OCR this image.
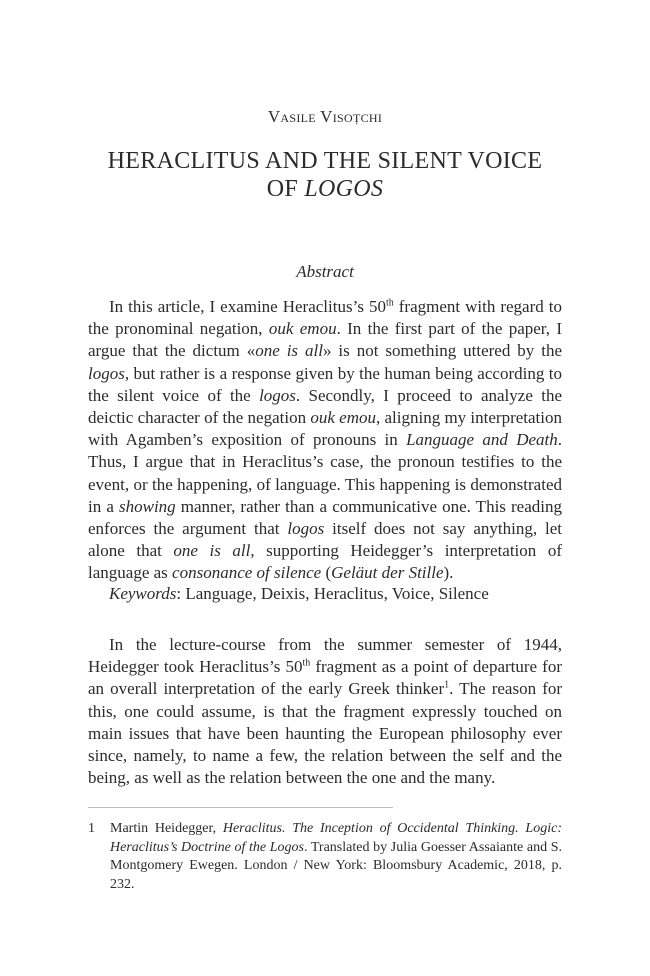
Vasile Visoțchi
HERACLITUS AND THE SILENT VOICE
OF LOGOS
Abstract

In this article, I examine Heraclitus’s 50th fragment with regard to the pronominal negation, ouk emou. In the first part of the paper, I argue that the dictum «one is all» is not something uttered by the logos, but rather is a response given by the human being according to the silent voice of the logos. Secondly, I proceed to analyze the deictic character of the negation ouk emou, aligning my interpretation with Agamben’s exposition of pronouns in Language and Death. Thus, I argue that in Heraclitus’s case, the pronoun testifies to the event, or the happening, of language. This happening is demonstrated in a showing manner, rather than a communicative one. This reading enforces the argument that logos itself does not say anything, let alone that one is all, supporting Heidegger’s interpretation of language as consonance of silence (Geläut der Stille).

Keywords: Language, Deixis, Heraclitus, Voice, Silence

In the lecture-course from the summer semester of 1944, Heidegger took Heraclitus’s 50th fragment as a point of departure for an overall interpretation of the early Greek thinker$^1$. The reason for this, one could assume, is that the fragment expressly touched on main issues that have been haunting the European philosophy ever since, namely, to name a few, the relation between the self and the being, as well as the relation between the one and the many.

1	Martin Heidegger, Heraclitus. The Inception of Occidental Thinking. Logic: Heraclitus’s Doctrine of the Logos. Translated by Julia Goesser Assaiante and S. Montgomery Ewegen. London / New York: Bloomsbury Academic, 2018, p. 232.
